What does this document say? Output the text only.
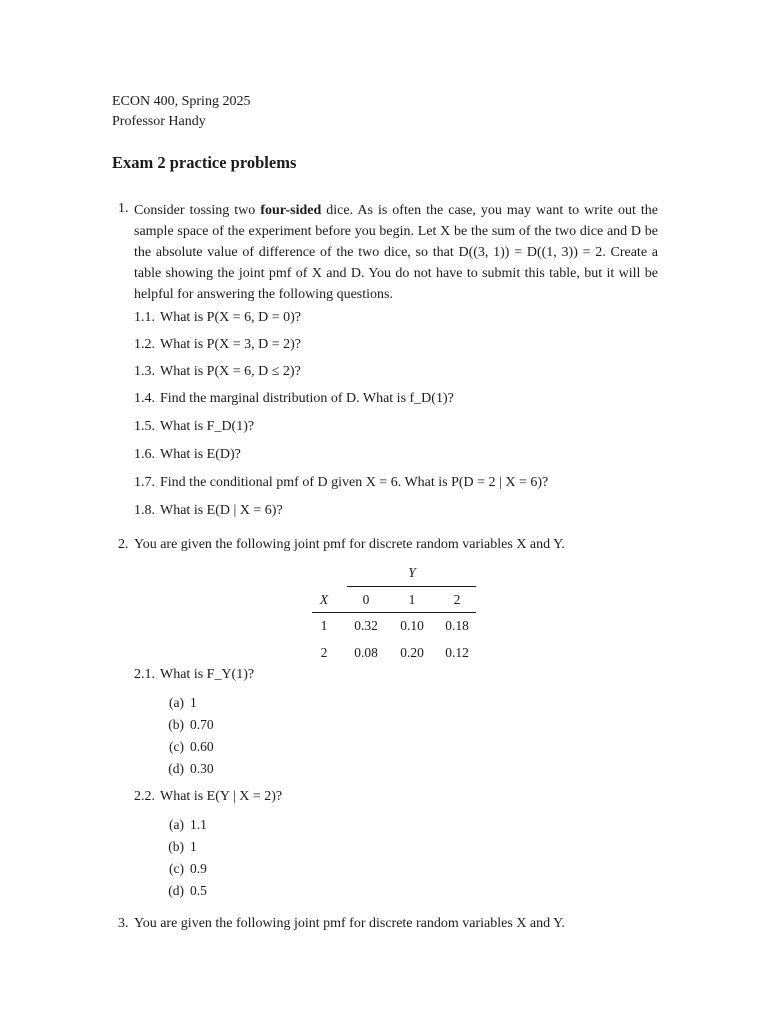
ECON 400, Spring 2025
Professor Handy
Exam 2 practice problems
1. Consider tossing two four-sided dice. As is often the case, you may want to write out the sample space of the experiment before you begin. Let X be the sum of the two dice and D be the absolute value of difference of the two dice, so that D((3, 1)) = D((1, 3)) = 2. Create a table showing the joint pmf of X and D. You do not have to submit this table, but it will be helpful for answering the following questions.
1.1. What is P(X = 6, D = 0)?
1.2. What is P(X = 3, D = 2)?
1.3. What is P(X = 6, D ≤ 2)?
1.4. Find the marginal distribution of D. What is f_D(1)?
1.5. What is F_D(1)?
1.6. What is E(D)?
1.7. Find the conditional pmf of D given X = 6. What is P(D = 2 | X = 6)?
1.8. What is E(D | X = 6)?
2. You are given the following joint pmf for discrete random variables X and Y.
Y
X	0	1	2
1	0.32	0.10	0.18
2	0.08	0.20	0.12
2.1. What is F_Y(1)?
(a) 1
(b) 0.70
(c) 0.60
(d) 0.30
2.2. What is E(Y | X = 2)?
(a) 1.1
(b) 1
(c) 0.9
(d) 0.5
3. You are given the following joint pmf for discrete random variables X and Y.
